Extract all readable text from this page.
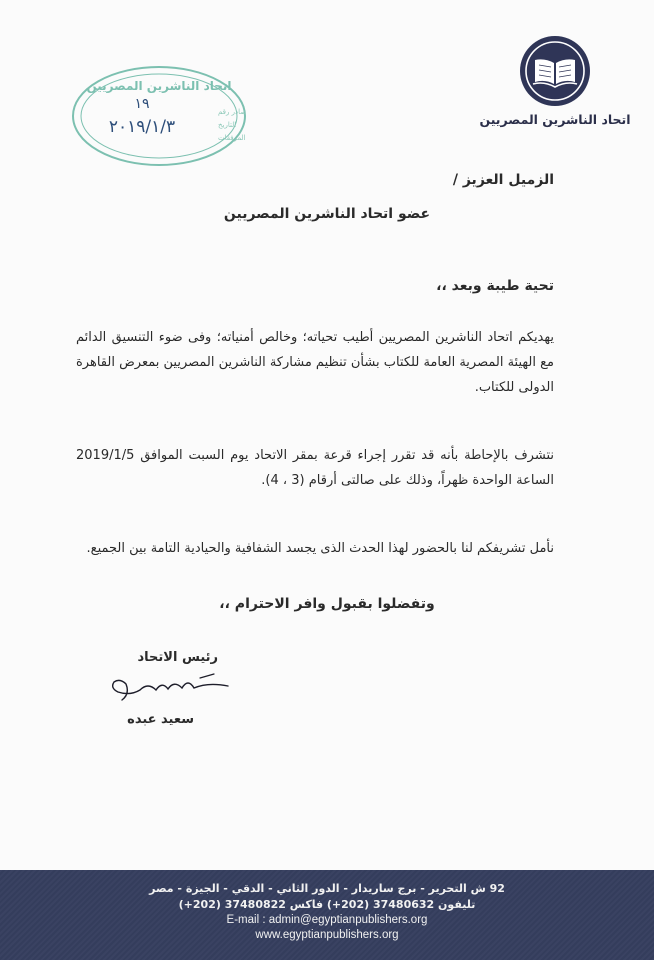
اتحاد الناشرين المصريين
اتحاد الناشرين المصريين
صادر رقم
التاريخ
المرفقات
١٩
٢٠١٩/١/٣
الزميل العزيز /
عضو اتحاد الناشرين المصريين
تحية طيبة وبعد ،،
يهديكم اتحاد الناشرين المصريين أطيب تحياته؛ وخالص أمنياته؛ وفى ضوء التنسيق الدائم مع الهيئة المصرية العامة للكتاب بشأن تنظيم مشاركة الناشرين المصريين بمعرض القاهرة الدولى للكتاب.
نتشرف بالإحاطة بأنه قد تقرر إجراء قرعة بمقر الاتحاد يوم السبت الموافق 2019/1/5 الساعة الواحدة ظهراً، وذلك على صالتى أرقام (3 ، 4).
نأمل تشريفكم لنا بالحضور لهذا الحدث الذى يجسد الشفافية والحيادية التامة بين الجميع.
وتفضلوا بقبول وافر الاحترام ،،
رئيس الاتحاد
سعيد عبده
92 ش التحرير - برج ساريدار - الدور الثاني - الدقي - الجيزة - مصر
تليفون 37480632 (202+) فاكس 37480822 (202+)
E-mail : admin@egyptianpublishers.org
www.egyptianpublishers.org
